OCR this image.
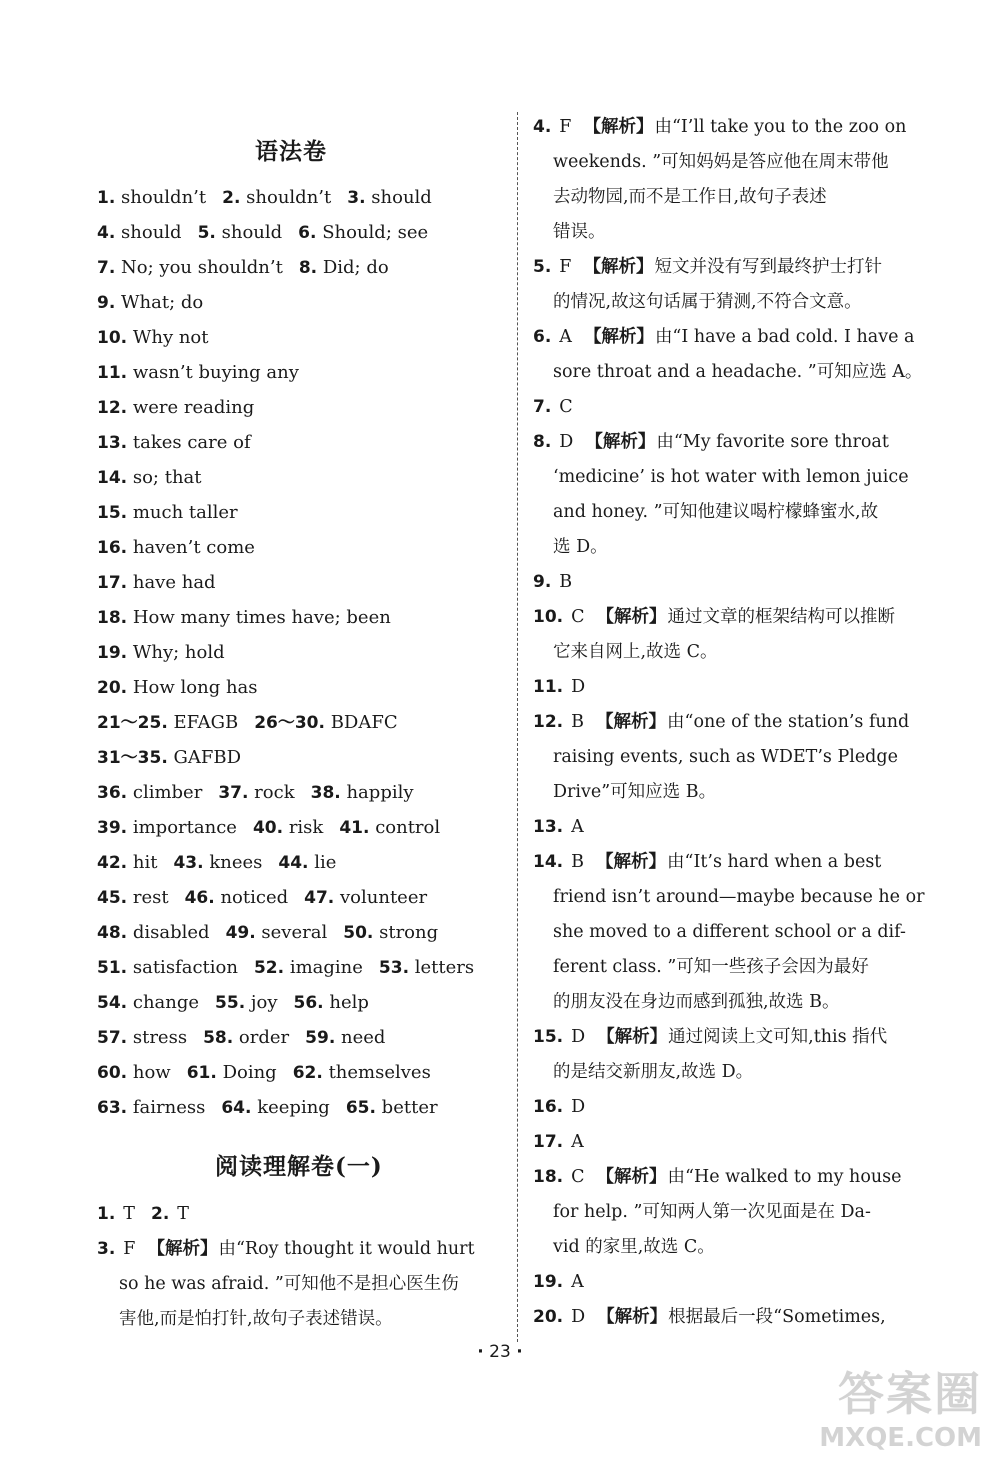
语法卷
1. shouldn’t 2. shouldn’t 3. should
4. should 5. should 6. Should; see
7. No; you shouldn’t 8. Did; do
9. What; do
10. Why not
11. wasn’t buying any
12. were reading
13. takes care of
14. so; that
15. much taller
16. haven’t come
17. have had
18. How many times have; been
19. Why; hold
20. How long has
21～25. EFAGB 26～30. BDAFC
31～35. GAFBD
36. climber 37. rock 38. happily
39. importance 40. risk 41. control
42. hit 43. knees 44. lie
45. rest 46. noticed 47. volunteer
48. disabled 49. several 50. strong
51. satisfaction 52. imagine 53. letters
54. change 55. joy 56. help
57. stress 58. order 59. need
60. how 61. Doing 62. themselves
63. fairness 64. keeping 65. better
阅读理解卷(一)
1. T 2. T
3. F 【解析】由“Roy thought it would hurt
so he was afraid. ”可知他不是担心医生伤
害他,而是怕打针,故句子表述错误。
4. F 【解析】由“I’ll take you to the zoo on
weekends. ”可知妈妈是答应他在周末带他
去动物园,而不是工作日,故句子表述
错误。
5. F 【解析】短文并没有写到最终护士打针
的情况,故这句话属于猜测,不符合文意。
6. A 【解析】由“I have a bad cold. I have a
sore throat and a headache. ”可知应选 A。
7. C
8. D 【解析】由“My favorite sore throat
‘medicine’ is hot water with lemon juice
and honey. ”可知他建议喝柠檬蜂蜜水,故
选 D。
9. B
10. C 【解析】通过文章的框架结构可以推断
它来自网上,故选 C。
11. D
12. B 【解析】由“one of the station’s fund
raising events, such as WDET’s Pledge
Drive”可知应选 B。
13. A
14. B 【解析】由“It’s hard when a best
friend isn’t around—maybe because he or
she moved to a different school or a dif-
ferent class. ”可知一些孩子会因为最好
的朋友没在身边而感到孤独,故选 B。
15. D 【解析】通过阅读上文可知,this 指代
的是结交新朋友,故选 D。
16. D
17. A
18. C 【解析】由“He walked to my house
for help. ”可知两人第一次见面是在 Da-
vid 的家里,故选 C。
19. A
20. D 【解析】根据最后一段“Sometimes,
· 23 ·
答案圈
MXQE.COM
